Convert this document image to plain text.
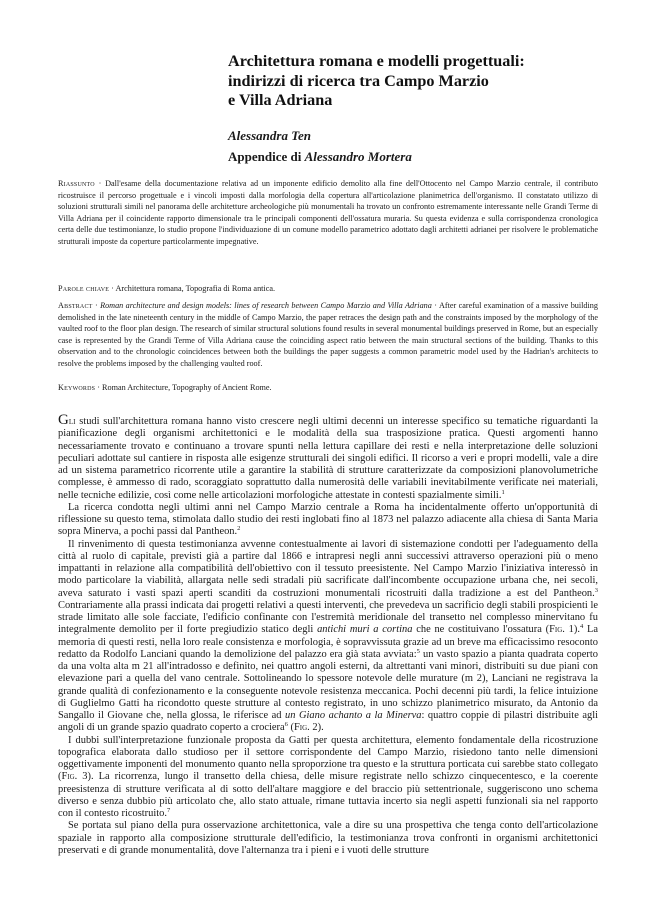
Architettura romana e modelli progettuali:
indirizzi di ricerca tra Campo Marzio
e Villa Adriana
Alessandra Ten
Appendice di Alessandro Mortera

Riassunto · Dall'esame della documentazione relativa ad un imponente edificio demolito alla fine dell'Ottocento nel Campo Marzio centrale, il contributo ricostruisce il percorso progettuale e i vincoli imposti dalla morfologia della copertura all'articolazione planimetrica dell'organismo. Il constatato utilizzo di soluzioni strutturali simili nel panorama delle architetture archeologiche più monumentali ha trovato un confronto estremamente interessante nelle Grandi Terme di Villa Adriana per il coincidente rapporto dimensionale tra le principali componenti dell'ossatura muraria. Su questa evidenza e sulla corrispondenza cronologica certa delle due testimonianze, lo studio propone l'individuazione di un comune modello parametrico adottato dagli architetti adrianei per risolvere le problematiche strutturali imposte da coperture particolarmente impegnative.

Parole chiave · Architettura romana, Topografia di Roma antica.

Abstract · Roman architecture and design models: lines of research between Campo Marzio and Villa Adriana · After careful examination of a massive building demolished in the late nineteenth century in the middle of Campo Marzio, the paper retraces the design path and the constraints imposed by the morphology of the vaulted roof to the floor plan design. The research of similar structural solutions found results in several monumental buildings preserved in Rome, but an especially case is represented by the Grandi Terme of Villa Adriana cause the coinciding aspect ratio between the main structural sections of the building. Thanks to this observation and to the chronologic coincidences between both the buildings the paper suggests a common parametric model used by the Hadrian's architects to resolve the problems imposed by the challenging vaulted roof.

Keywords · Roman Architecture, Topography of Ancient Rome.

Gli studi sull'architettura romana hanno visto crescere negli ultimi decenni un interesse specifico su tematiche riguardanti la pianificazione degli organismi architettonici e le modalità della sua trasposizione pratica. Questi argomenti hanno necessariamente trovato e continuano a trovare spunti nella lettura capillare dei resti e nella interpretazione delle soluzioni peculiari adottate sul cantiere in risposta alle esigenze strutturali dei singoli edifici. Il ricorso a veri e propri modelli, vale a dire ad un sistema parametrico ricorrente utile a garantire la stabilità di strutture caratterizzate da composizioni planovolumetriche complesse, è ammesso di rado, scoraggiato soprattutto dalla numerosità delle variabili inevitabilmente verificate nei materiali, nelle tecniche edilizie, così come nelle articolazioni morfologiche attestate in contesti spazialmente simili.$^1$

La ricerca condotta negli ultimi anni nel Campo Marzio centrale a Roma ha incidentalmente offerto un'opportunità di riflessione su questo tema, stimolata dallo studio dei resti inglobati fino al 1873 nel palazzo adiacente alla chiesa di Santa Maria sopra Minerva, a pochi passi dal Pantheon.$^2$

Il rinvenimento di questa testimonianza avvenne contestualmente ai lavori di sistemazione condotti per l'adeguamento della città al ruolo di capitale, previsti già a partire dal 1866 e intrapresi negli anni successivi attraverso operazioni più o meno impattanti in relazione alla compatibilità dell'obiettivo con il tessuto preesistente. Nel Campo Marzio l'iniziativa interessò in modo particolare la viabilità, allargata nelle sedi stradali più sacrificate dall'incombente occupazione urbana che, nei secoli, aveva saturato i vasti spazi aperti scanditi da costruzioni monumentali ricostruiti dalla tradizione a est del Pantheon.$^3$ Contrariamente alla prassi indicata dai progetti relativi a questi interventi, che prevedeva un sacrificio degli stabili prospicienti le strade limitato alle sole facciate, l'edificio confinante con l'estremità meridionale del transetto nel complesso minervitano fu integralmente demolito per il forte pregiudizio statico degli antichi muri a cortina che ne costituivano l'ossatura (Fig. 1).$^4$ La memoria di questi resti, nella loro reale consistenza e morfologia, è sopravvissuta grazie ad un breve ma efficacissimo resoconto redatto da Rodolfo Lanciani quando la demolizione del palazzo era già stata avviata:$^5$ un vasto spazio a pianta quadrata coperto da una volta alta m 21 all'intradosso e definito, nei quattro angoli esterni, da altrettanti vani minori, distribuiti su due piani con elevazione pari a quella del vano centrale. Sottolineando lo spessore notevole delle murature (m 2), Lanciani ne registrava la grande qualità di confezionamento e la conseguente notevole resistenza meccanica. Pochi decenni più tardi, la felice intuizione di Guglielmo Gatti ha ricondotto queste strutture al contesto registrato, in uno schizzo planimetrico misurato, da Antonio da Sangallo il Giovane che, nella glossa, le riferisce ad un Giano achanto a la Minerva: quattro coppie di pilastri distribuite agli angoli di un grande spazio quadrato coperto a crociera$^6$ (Fig. 2).

I dubbi sull'interpretazione funzionale proposta da Gatti per questa architettura, elemento fondamentale della ricostruzione topografica elaborata dallo studioso per il settore corrispondente del Campo Marzio, risiedono tanto nelle dimensioni oggettivamente imponenti del monumento quanto nella sproporzione tra questo e la struttura porticata cui sarebbe stato collegato (Fig. 3). La ricorrenza, lungo il transetto della chiesa, delle misure registrate nello schizzo cinquecentesco, e la coerente preesistenza di strutture verificata al di sotto dell'altare maggiore e del braccio più settentrionale, suggeriscono uno schema diverso e senza dubbio più articolato che, allo stato attuale, rimane tuttavia incerto sia negli aspetti funzionali sia nel rapporto con il contesto ricostruito.$^7$

Se portata sul piano della pura osservazione architettonica, vale a dire su una prospettiva che tenga conto dell'articolazione spaziale in rapporto alla composizione strutturale dell'edificio, la testimonianza trova confronti in organismi architettonici preservati e di grande monumentalità, dove l'alternanza tra i pieni e i vuoti delle strutture
